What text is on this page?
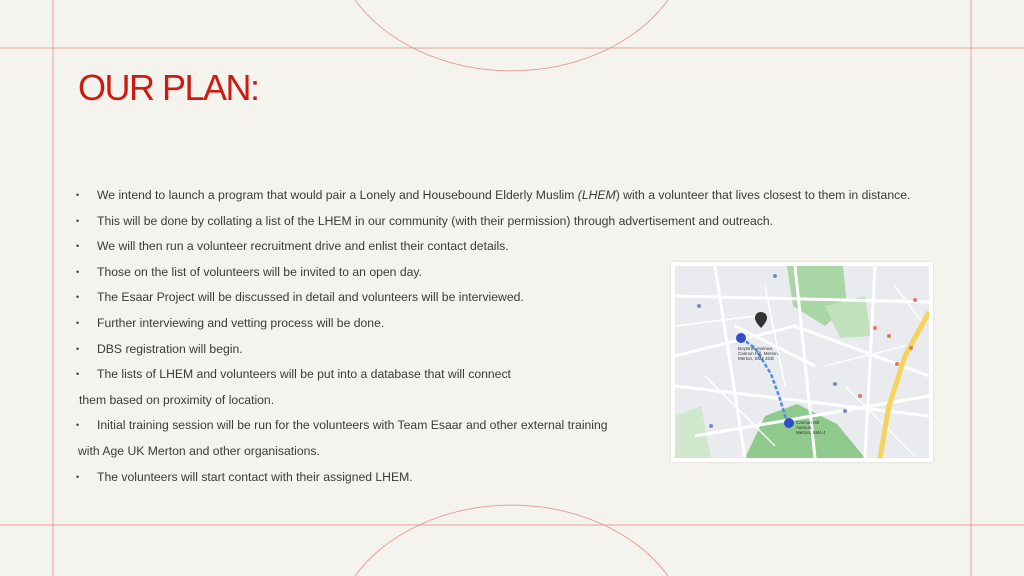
OUR PLAN:
• We intend to launch a program that would pair a Lonely and Housebound Elderly Muslim (LHEM) with a volunteer that lives closest to them in distance.
• This will be done by collating a list of the LHEM in our community (with their permission) through advertisement and outreach.
• We will then run a volunteer recruitment drive and enlist their contact details.
• Those on the list of volunteers will be invited to an open day.
• The Esaar Project will be discussed in detail and volunteers will be interviewed.
• Further interviewing and vetting process will be done.
• DBS registration will begin.
• The lists of LHEM and volunteers will be put into a database that will connect
them based on proximity of location.
• Initial training session will be run for the volunteers with Team Esaar and other external training
with Age UK Merton and other organisations.
• The volunteers will start contact with their assigned LHEM.
Boystree Avenue, Cannon Hill, Merton, Merton, SM4 4DD
Cannon Hill Avenue, Merton, SM4 4
